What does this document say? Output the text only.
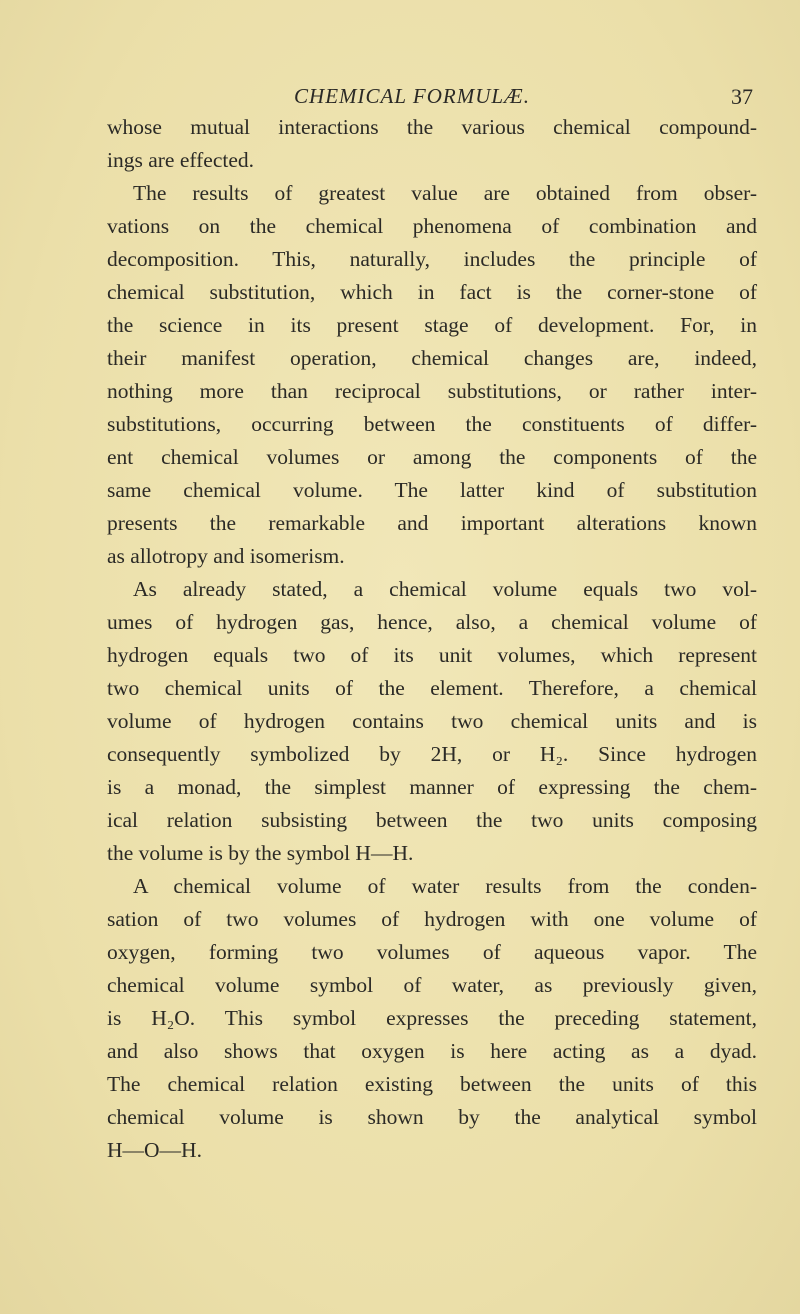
CHEMICAL FORMULÆ.	37
whose mutual interactions the various chemical compound-
ings are effected.
The results of greatest value are obtained from obser-
vations on the chemical phenomena of combination and
decomposition. This, naturally, includes the principle of
chemical substitution, which in fact is the corner-stone of
the science in its present stage of development. For, in
their manifest operation, chemical changes are, indeed,
nothing more than reciprocal substitutions, or rather inter-
substitutions, occurring between the constituents of differ-
ent chemical volumes or among the components of the
same chemical volume. The latter kind of substitution
presents the remarkable and important alterations known
as allotropy and isomerism.
As already stated, a chemical volume equals two vol-
umes of hydrogen gas, hence, also, a chemical volume of
hydrogen equals two of its unit volumes, which represent
two chemical units of the element. Therefore, a chemical
volume of hydrogen contains two chemical units and is
consequently symbolized by 2H, or H₂. Since hydrogen
is a monad, the simplest manner of expressing the chem-
ical relation subsisting between the two units composing
the volume is by the symbol H—H.
A chemical volume of water results from the conden-
sation of two volumes of hydrogen with one volume of
oxygen, forming two volumes of aqueous vapor. The
chemical volume symbol of water, as previously given,
is H₂O. This symbol expresses the preceding statement,
and also shows that oxygen is here acting as a dyad.
The chemical relation existing between the units of this
chemical volume is shown by the analytical symbol
H—O—H.
